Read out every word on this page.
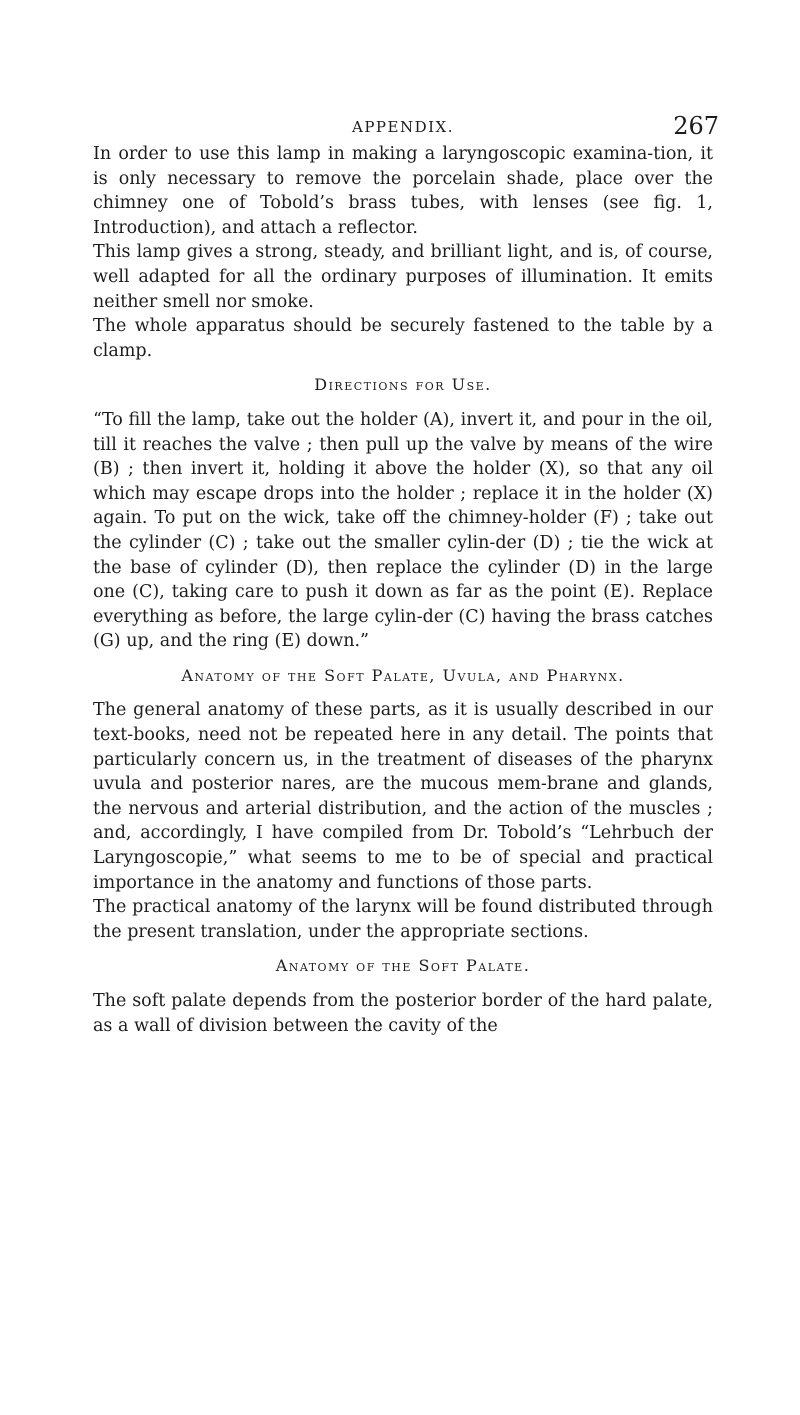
APPENDIX.	267

In order to use this lamp in making a laryngoscopic examina-tion, it is only necessary to remove the porcelain shade, place over the chimney one of Tobold’s brass tubes, with lenses (see fig. 1, Introduction), and attach a reflector.

This lamp gives a strong, steady, and brilliant light, and is, of course, well adapted for all the ordinary purposes of illumination. It emits neither smell nor smoke.

The whole apparatus should be securely fastened to the table by a clamp.

Directions for Use.

“To fill the lamp, take out the holder (A), invert it, and pour in the oil, till it reaches the valve ; then pull up the valve by means of the wire (B) ; then invert it, holding it above the holder (X), so that any oil which may escape drops into the holder ; replace it in the holder (X) again. To put on the wick, take off the chimney-holder (F) ; take out the cylinder (C) ; take out the smaller cylin-der (D) ; tie the wick at the base of cylinder (D), then replace the cylinder (D) in the large one (C), taking care to push it down as far as the point (E). Replace everything as before, the large cylin-der (C) having the brass catches (G) up, and the ring (E) down.”

Anatomy of the Soft Palate, Uvula, and Pharynx.

The general anatomy of these parts, as it is usually described in our text-books, need not be repeated here in any detail. The points that particularly concern us, in the treatment of diseases of the pharynx uvula and posterior nares, are the mucous mem-brane and glands, the nervous and arterial distribution, and the action of the muscles ; and, accordingly, I have compiled from Dr. Tobold’s “Lehrbuch der Laryngoscopie,” what seems to me to be of special and practical importance in the anatomy and functions of those parts.

The practical anatomy of the larynx will be found distributed through the present translation, under the appropriate sections.

Anatomy of the Soft Palate.

The soft palate depends from the posterior border of the hard palate, as a wall of division between the cavity of the
